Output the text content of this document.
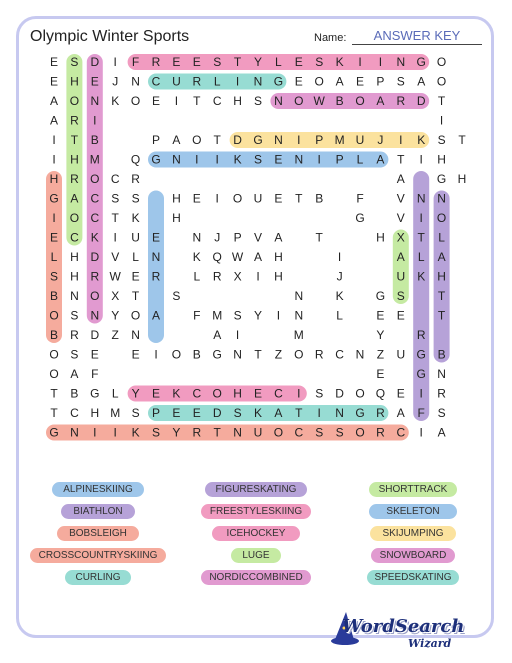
Olympic Winter Sports	Name:	ANSWER KEY
E S D I F R E E S T Y L E S K I I N G O
E H E J N C U R L I N G E O A E P S A O
A O N K O E I T C H S N O W B O A R D T
A R I	I
I T B	P A O T D G N I P M U J I K S T
I H M	Q G N I I K S E N I P L A T I H
H R O C R	A	G H
G A C S S	H E I O U E T B	F	V N N
I O C T K	H	G	V I O
E C K I U E	N J P V A	T	H X T L
L H D V L N	K Q W A H	I	A L A
S H R W E R	L R X I H	J	U K H
B N O X T	S	N	K	G S	T
O S N Y O A	F M S Y I N	L	E E	T
B R D Z N	M	Y	R
A I
O S E	E I O B G N T Z O R C N Z U G B
O A F	E	G N
T B G L Y E K C O H E C I S D O Q E I R
T C H M S P E E D S K A T I N G R A F S
G N I I K S Y R T N U O C S S O R C I A
ALPINESKIING	FIGURESKATING	SHORTTRACK
BIATHLON	FREESTYLESKIING	SKELETON
BOBSLEIGH	ICEHOCKEY	SKIJUMPING
CROSSCOUNTRYSKIING	LUGE	SNOWBOARD
CURLING	NORDICCOMBINED	SPEEDSKATING
WordSearch
Wizard
